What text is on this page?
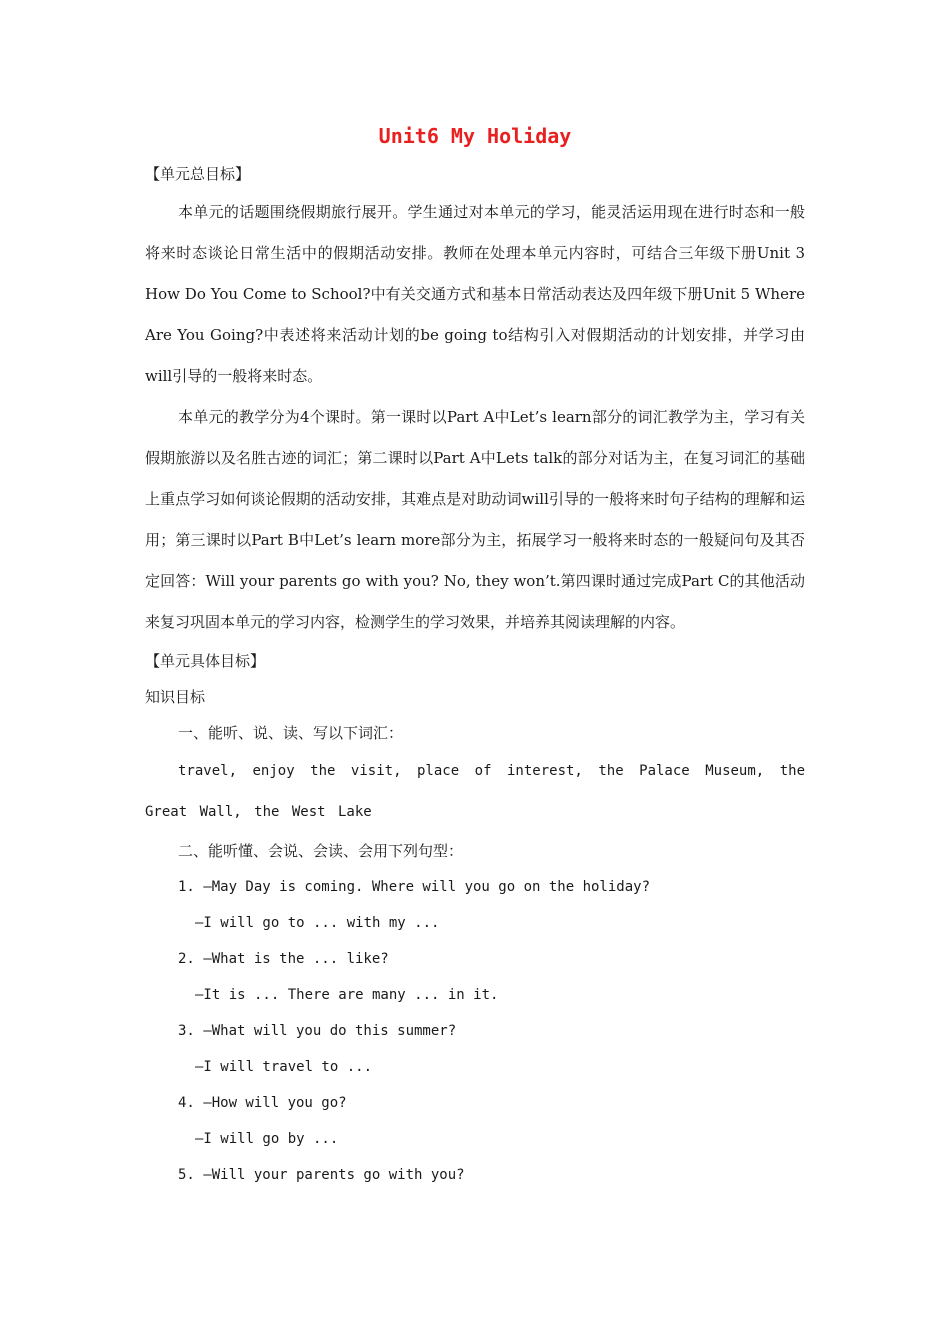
Unit6 My Holiday

【单元总目标】

本单元的话题围绕假期旅行展开。学生通过对本单元的学习，能灵活运用现在进行时态和一般将来时态谈论日常生活中的假期活动安排。教师在处理本单元内容时，可结合三年级下册Unit 3 How Do You Come to School?中有关交通方式和基本日常活动表达及四年级下册Unit 5 Where Are You Going?中表述将来活动计划的be going to结构引入对假期活动的计划安排，并学习由will引导的一般将来时态。

本单元的教学分为4个课时。第一课时以Part A中Let’s learn部分的词汇教学为主，学习有关假期旅游以及名胜古迹的词汇；第二课时以Part A中Lets talk的部分对话为主，在复习词汇的基础上重点学习如何谈论假期的活动安排，其难点是对助动词will引导的一般将来时句子结构的理解和运用；第三课时以Part B中Let’s learn more部分为主，拓展学习一般将来时态的一般疑问句及其否定回答：Will your parents go with you? No, they won’t.第四课时通过完成Part C的其他活动来复习巩固本单元的学习内容，检测学生的学习效果，并培养其阅读理解的内容。

【单元具体目标】

知识目标

一、能听、说、读、写以下词汇：

travel, enjoy the visit, place of interest, the Palace Museum, the Great Wall, the West Lake

二、能听懂、会说、会读、会用下列句型：

1. —May Day is coming. Where will you go on the holiday?

—I will go to ... with my ...

2. —What is the ... like?

—It is ... There are many ... in it.

3. —What will you do this summer?

—I will travel to ...

4. —How will you go?

—I will go by ...

5. —Will your parents go with you?
